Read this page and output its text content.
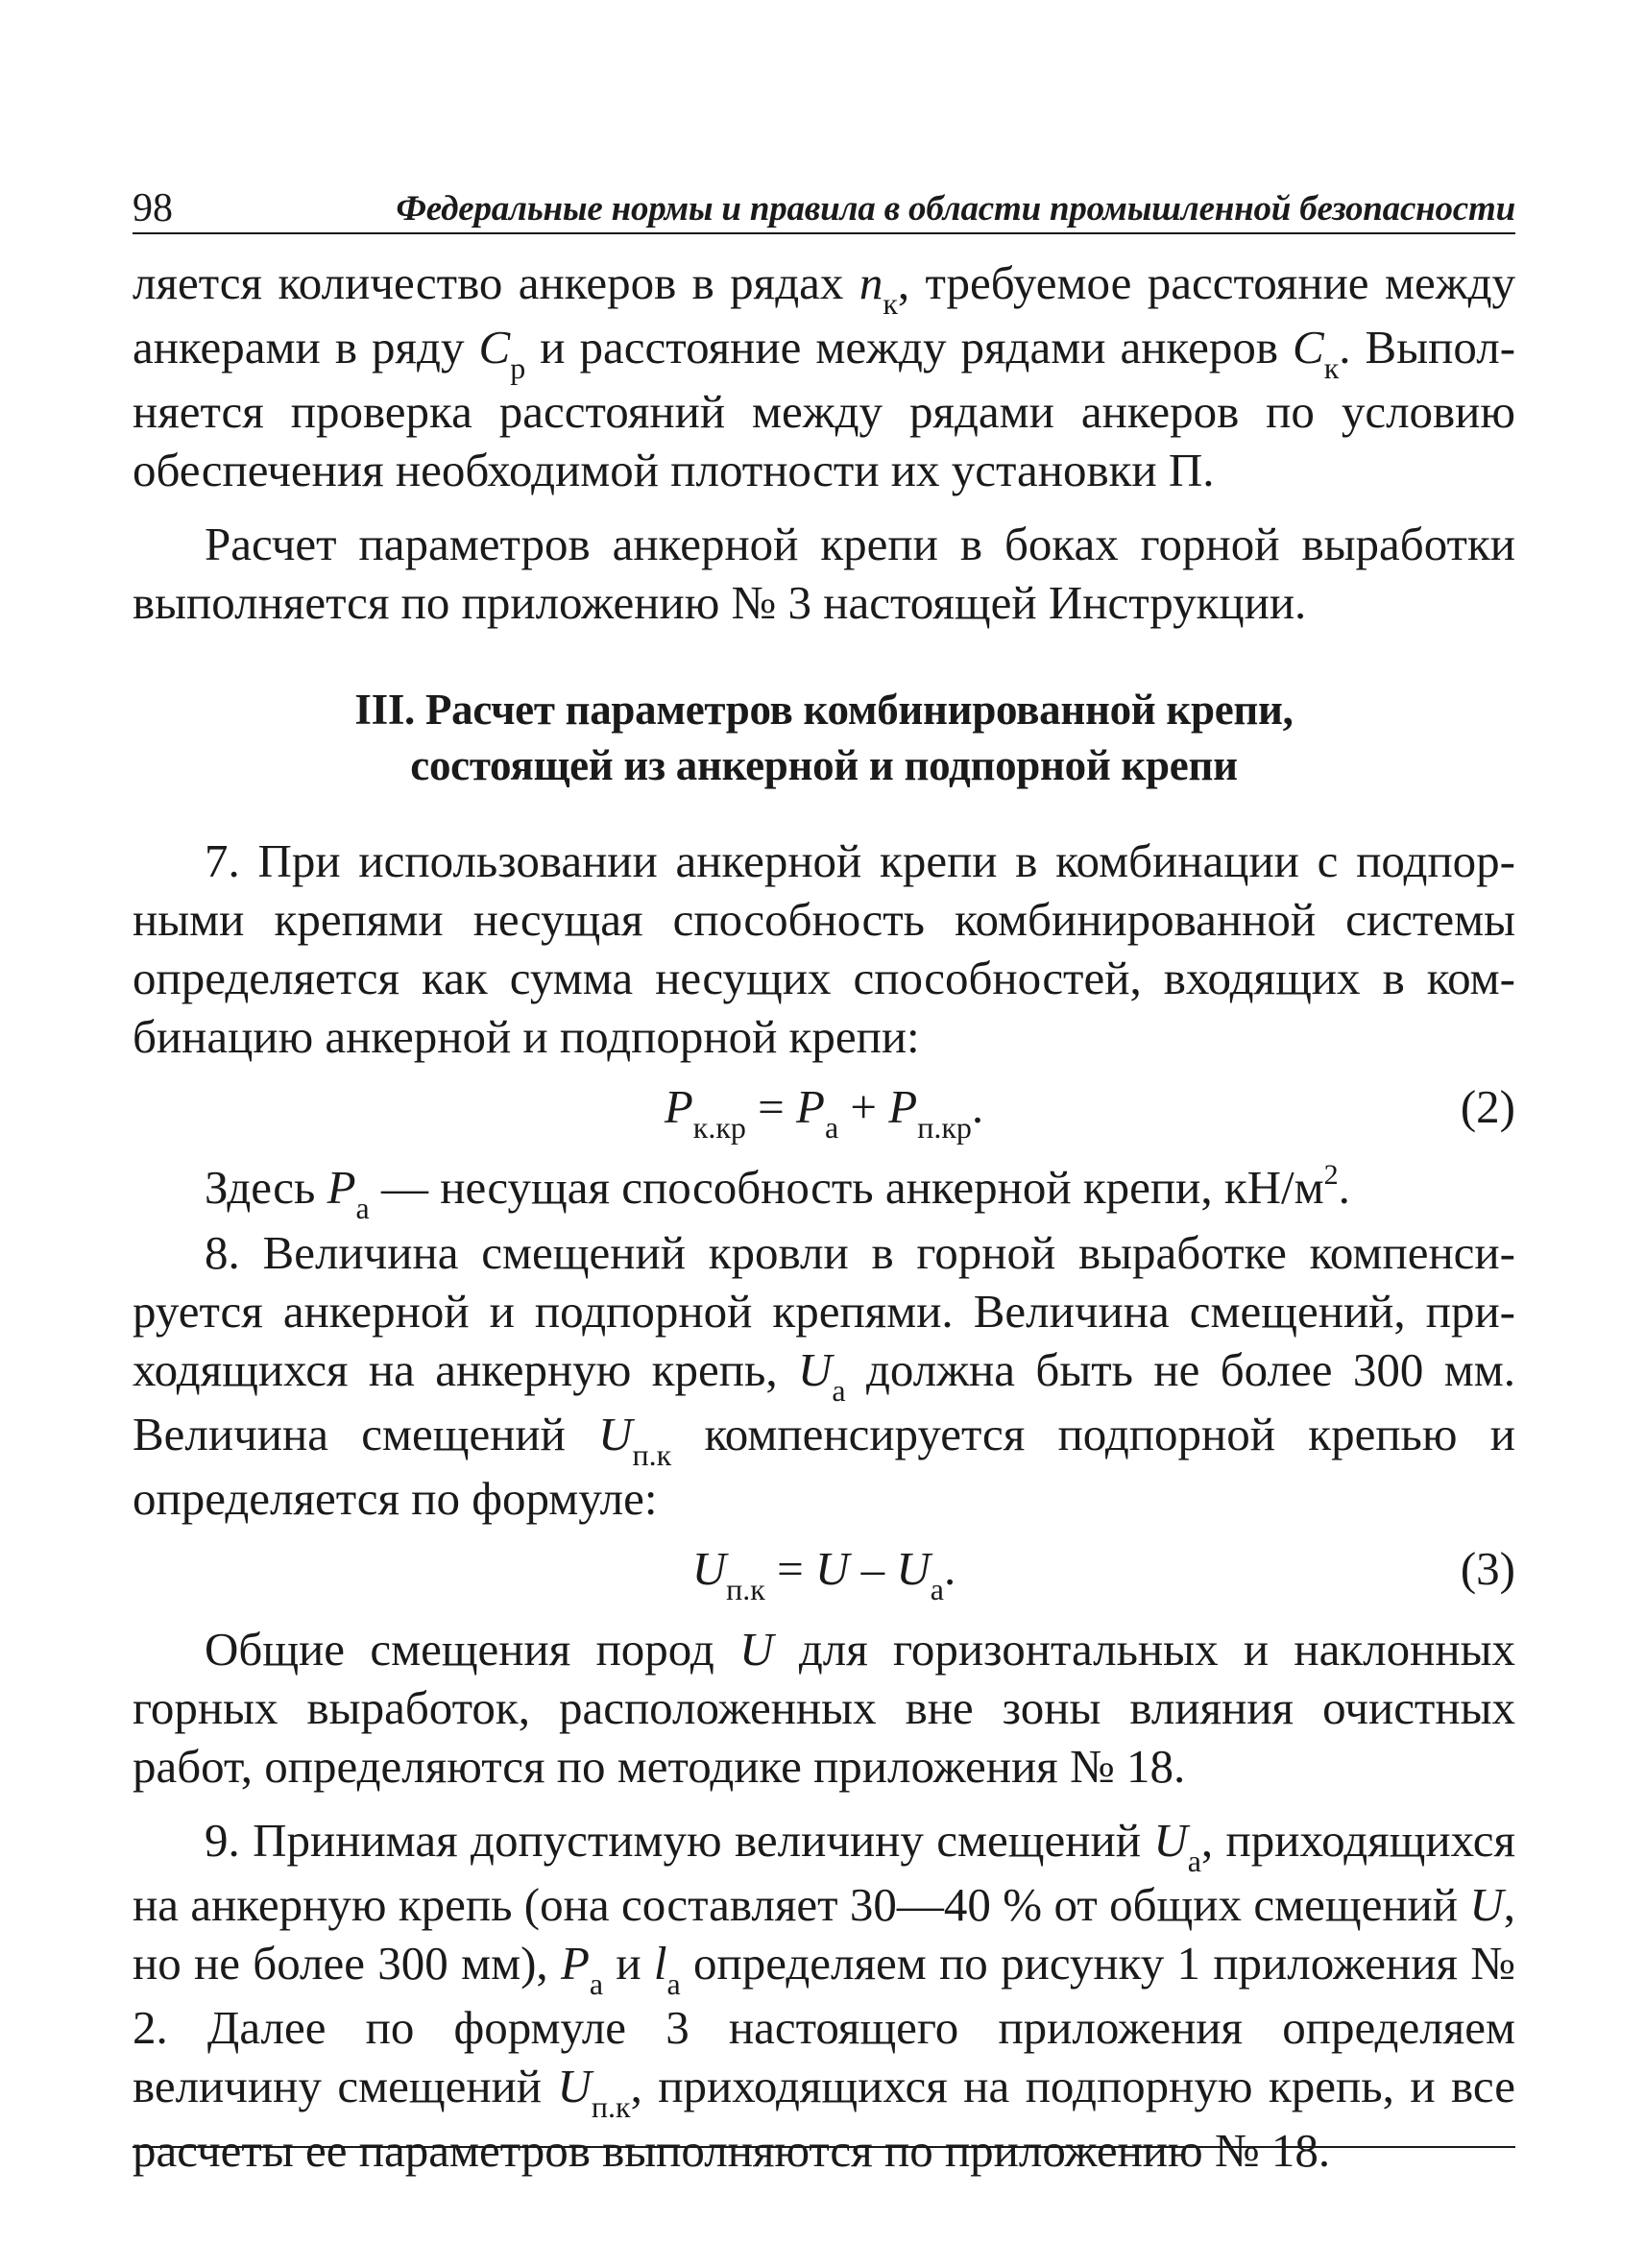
98	Федеральные нормы и правила в области промышленной безопасности

ляется количество анкеров в рядах $n_к$, требуемое расстояние между анкерами в ряду $C_р$ и расстояние между рядами анкеров $C_к$. Выполняется проверка расстояний между рядами анкеров по условию обеспечения необходимой плотности их установки П.

Расчет параметров анкерной крепи в боках горной выработки выполняется по приложению № 3 настоящей Инструкции.

III. Расчет параметров комбинированной крепи,
состоящей из анкерной и подпорной крепи

7. При использовании анкерной крепи в комбинации с подпорными крепями несущая способность комбинированной системы определяется как сумма несущих способностей, входящих в комбинацию анкерной и подпорной крепи:

$P_{к.кр} = P_а + P_{п.кр}$.	(2)

Здесь $P_а$ — несущая способность анкерной крепи, $кН/м^2$.

8. Величина смещений кровли в горной выработке компенсируется анкерной и подпорной крепями. Величина смещений, приходящихся на анкерную крепь, $U_а$ должна быть не более 300 мм. Величина смещений $U_{п.к}$ компенсируется подпорной крепью и определяется по формуле:

$U_{п.к} = U - U_а$.	(3)

Общие смещения пород U для горизонтальных и наклонных горных выработок, расположенных вне зоны влияния очистных работ, определяются по методике приложения № 18.

9. Принимая допустимую величину смещений $U_а$, приходящихся на анкерную крепь (она составляет 30—40 % от общих смещений U, но не более 300 мм), $P_а$ и $l_а$ определяем по рисунку 1 приложения № 2. Далее по формуле 3 настоящего приложения определяем величину смещений $U_{п.к}$, приходящихся на подпорную крепь, и все расчеты ее параметров выполняются по приложению № 18.
